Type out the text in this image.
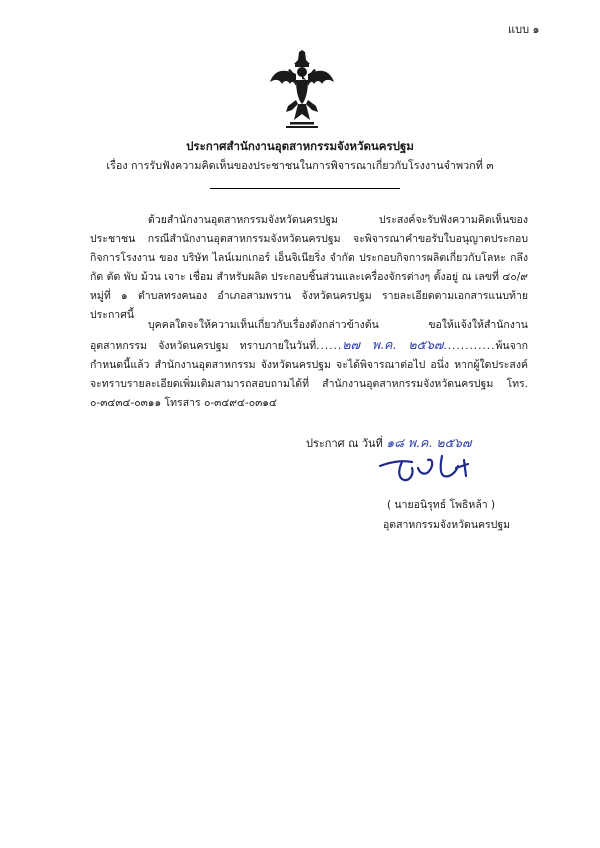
แบบ ๑
ประกาศสำนักงานอุตสาหกรรมจังหวัดนครปฐม
เรื่อง การรับฟังความคิดเห็นของประชาชนในการพิจารณาเกี่ยวกับโรงงานจำพวกที่ ๓

ด้วยสำนักงานอุตสาหกรรมจังหวัดนครปฐม ประสงค์จะรับฟังความคิดเห็นของประชาชน กรณีสำนักงานอุตสาหกรรมจังหวัดนครปฐม จะพิจารณาคำขอรับใบอนุญาตประกอบกิจการโรงงาน ของ บริษัท ไลน์เมกเกอร์ เอ็นจิเนียริ่ง จำกัด ประกอบกิจการผลิตเกี่ยวกับโลหะ กลึง กัด ตัด พับ ม้วน เจาะ เชื่อม สำหรับผลิต ประกอบชิ้นส่วนและเครื่องจักรต่างๆ ตั้งอยู่ ณ เลขที่ ๔๐/๙ หมู่ที่ ๑ ตำบลทรงคนอง อำเภอสามพราน จังหวัดนครปฐม รายละเอียดตามเอกสารแนบท้ายประกาศนี้

บุคคลใดจะให้ความเห็นเกี่ยวกับเรื่องดังกล่าวข้างต้น ขอให้แจ้งให้สำนักงานอุตสาหกรรม จังหวัดนครปฐม ทราบภายในวันที่......๒๗ พ.ค. ๒๕๖๗............พ้นจากกำหนดนี้แล้ว สำนักงานอุตสาหกรรม จังหวัดนครปฐม จะได้พิจารณาต่อไป อนึ่ง หากผู้ใดประสงค์จะทราบรายละเอียดเพิ่มเติมสามารถสอบถามได้ที่ สำนักงานอุตสาหกรรมจังหวัดนครปฐม โทร. ๐-๓๔๓๔-๐๓๑๑ โทรสาร ๐-๓๔๙๔-๐๓๑๔

ประกาศ ณ วันที่ ๑๘ พ.ค. ๒๕๖๗
( นายอนิรุทธ์ โพธิหล้า )
อุตสาหกรรมจังหวัดนครปฐม
